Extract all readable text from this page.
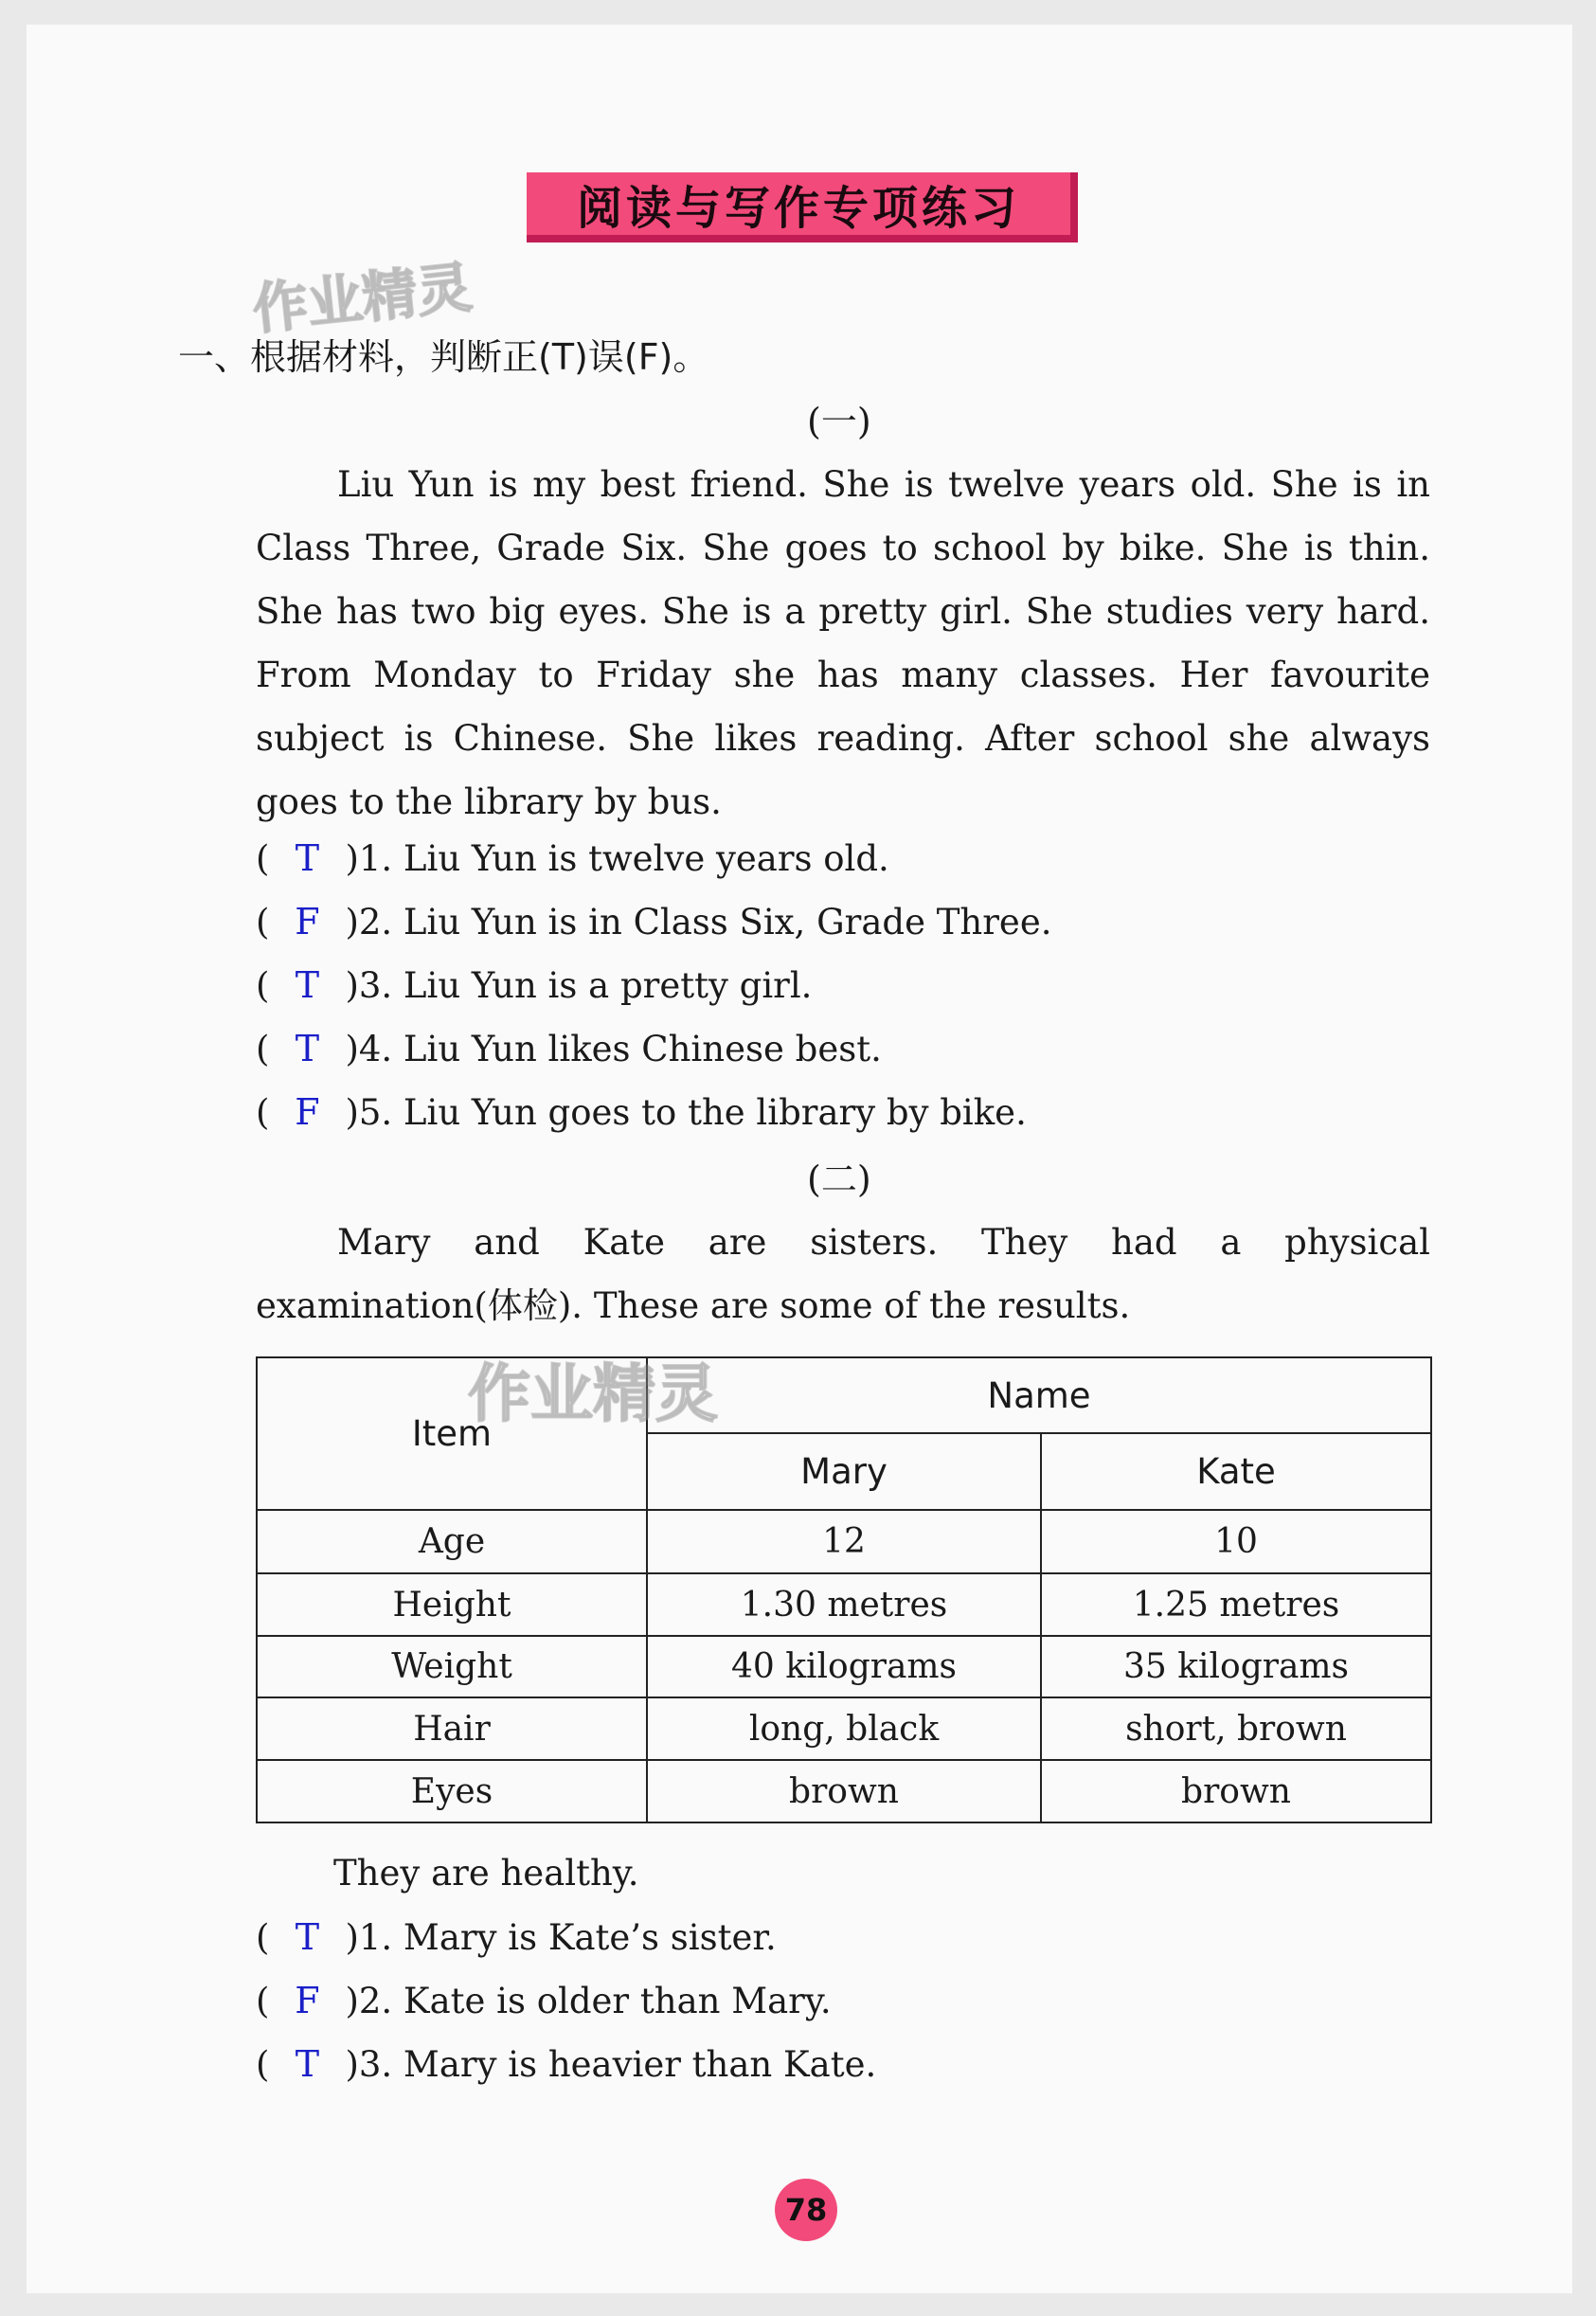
阅读与写作专项练习
作业精灵
一、根据材料，判断正(T)误(F)。
(一)
Liu Yun is my best friend. She is twelve years old. She is in Class Three, Grade Six. She goes to school by bike. She is thin. She has two big eyes. She is a pretty girl. She studies very hard. From Monday to Friday she has many classes. Her favourite subject is Chinese. She likes reading. After school she always goes to the library by bus.
( T )1. Liu Yun is twelve years old.
( F )2. Liu Yun is in Class Six, Grade Three.
( T )3. Liu Yun is a pretty girl.
( T )4. Liu Yun likes Chinese best.
( F )5. Liu Yun goes to the library by bike.
(二)
Mary and Kate are sisters. They had a physical examination(体检). These are some of the results.
Item	Name	
	Mary	Kate
Age	12	10
Height	1.30 metres	1.25 metres
Weight	40 kilograms	35 kilograms
Hair	long, black	short, brown
Eyes	brown	brown
作业精灵
They are healthy.
( T )1. Mary is Kate’s sister.
( F )2. Kate is older than Mary.
( T )3. Mary is heavier than Kate.
78
